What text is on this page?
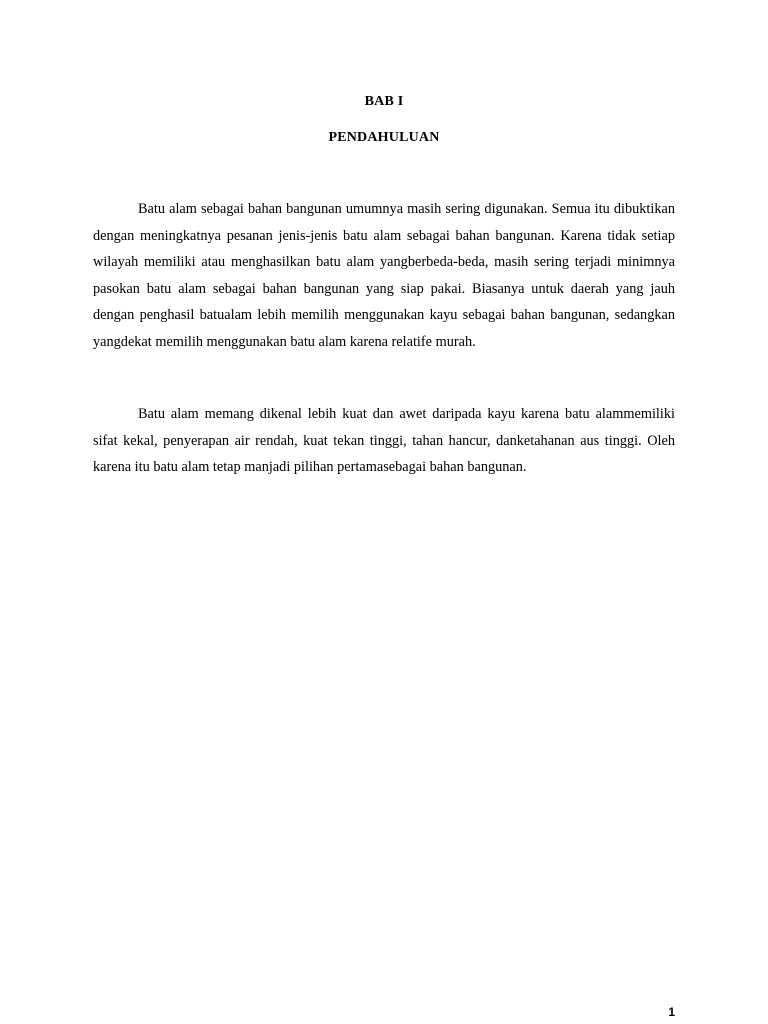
BAB I
PENDAHULUAN

Batu alam sebagai bahan bangunan umumnya masih sering digunakan. Semua itu dibuktikan dengan meningkatnya pesanan jenis-jenis batu alam sebagai bahan bangunan. Karena tidak setiap wilayah memiliki atau menghasilkan batu alam yangberbeda-beda, masih sering terjadi minimnya pasokan batu alam sebagai bahan bangunan yang siap pakai. Biasanya untuk daerah yang jauh dengan penghasil batualam lebih memilih menggunakan kayu sebagai bahan bangunan, sedangkan yangdekat memilih menggunakan batu alam karena relatife murah.

Batu alam memang dikenal lebih kuat dan awet daripada kayu karena batu alammemiliki sifat kekal, penyerapan air rendah, kuat tekan tinggi, tahan hancur, danketahanan aus tinggi. Oleh karena itu batu alam tetap manjadi pilihan pertamasebagai bahan bangunan.

1
